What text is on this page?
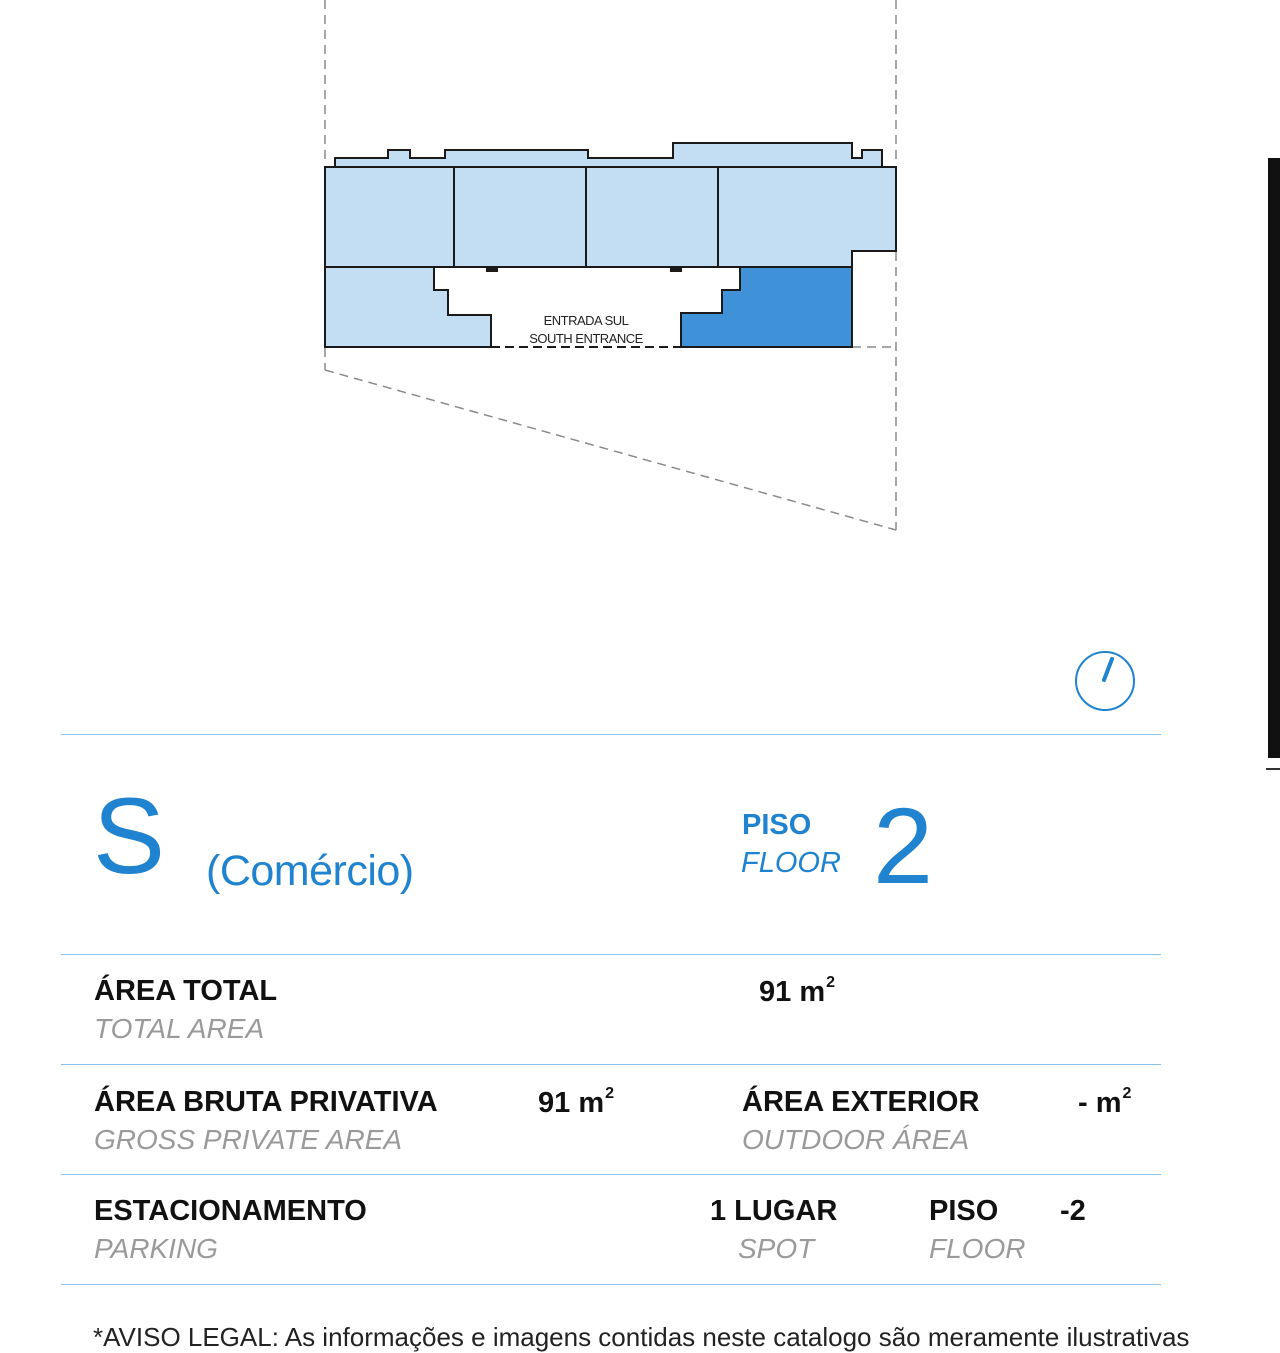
ENTRADA SUL
SOUTH ENTRANCE
S (Comércio)
PISO
FLOOR 2
ÁREA TOTAL
TOTAL AREA
91 $m^2$
ÁREA BRUTA PRIVATIVA
GROSS PRIVATE AREA
91 $m^2$	ÁREA EXTERIOR
OUTDOOR ÁREA
- $m^2$
ESTACIONAMENTO
PARKING
1 LUGAR
SPOT
PISO
FLOOR
-2
*AVISO LEGAL: As informações e imagens contidas neste catalogo são meramente ilustrativas
